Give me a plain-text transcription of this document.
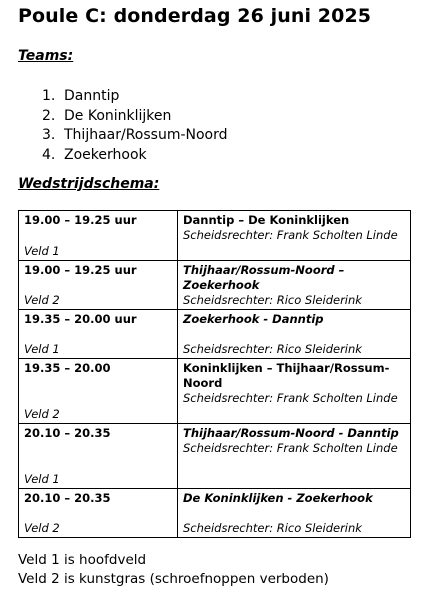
Poule C: donderdag 26 juni 2025
Teams:
1. Danntip
2. De Koninklijken
3. Thijhaar/Rossum-Noord
4. Zoekerhook
Wedstrijdschema:
19.00 – 19.25 uur
Veld 1	Danntip – De Koninklijken
Scheidsrechter: Frank Scholten Linde

19.00 – 19.25 uur
Veld 2	Thijhaar/Rossum-Noord – Zoekerhook
Scheidsrechter: Rico Sleiderink

19.35 – 20.00 uur
Veld 1	Zoekerhook - Danntip
Scheidsrechter: Rico Sleiderink

19.35 – 20.00
Veld 2	Koninklijken – Thijhaar/Rossum-Noord
Scheidsrechter: Frank Scholten Linde

20.10 – 20.35
Veld 1	Thijhaar/Rossum-Noord - Danntip
Scheidsrechter: Frank Scholten Linde

20.10 – 20.35
Veld 2	De Koninklijken - Zoekerhook
Scheidsrechter: Rico Sleiderink
Veld 1 is hoofdveld
Veld 2 is kunstgras (schroefnoppen verboden)
